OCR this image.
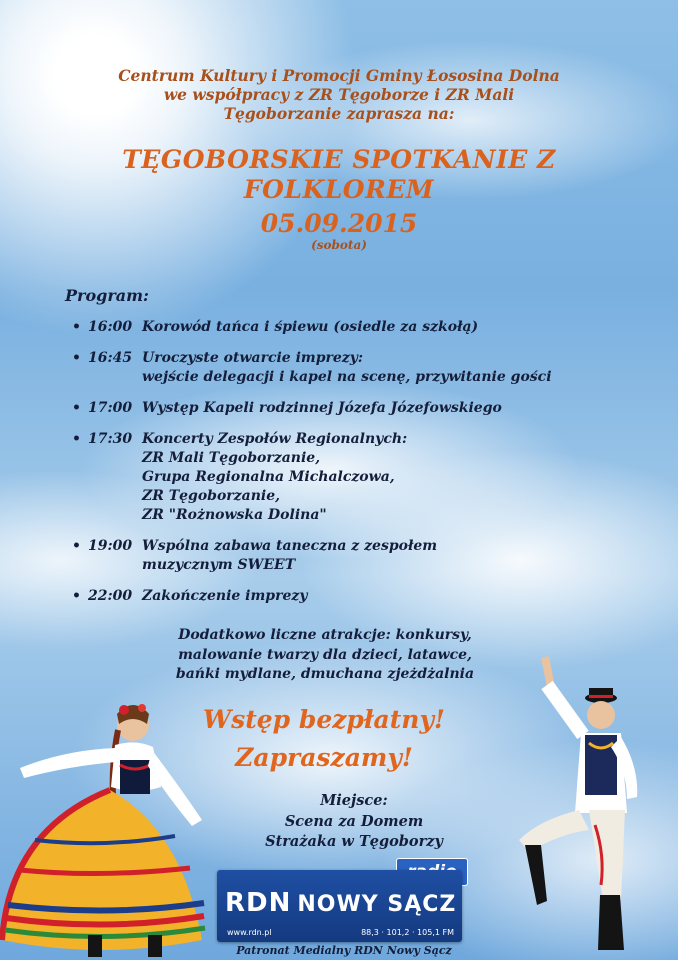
Centrum Kultury i Promocji Gminy Łososina Dolna
we współpracy z ZR Tęgoborze i ZR Mali
Tęgoborzanie zaprasza na:
TĘGOBORSKIE SPOTKANIE Z
FOLKLOREM
05.09.2015
(sobota)
Program:
• 16:00 Korowód tańca i śpiewu (osiedle za szkołą)
• 16:45 Uroczyste otwarcie imprezy:
wejście delegacji i kapel na scenę, przywitanie gości
• 17:00 Występ Kapeli rodzinnej Józefa Józefowskiego
• 17:30 Koncerty Zespołów Regionalnych:
ZR Mali Tęgoborzanie,
Grupa Regionalna Michalczowa,
ZR Tęgoborzanie,
ZR "Rożnowska Dolina"
• 19:00 Wspólna zabawa taneczna z zespołem
muzycznym SWEET
• 22:00 Zakończenie imprezy
Dodatkowo liczne atrakcje: konkursy,
malowanie twarzy dla dzieci, latawce,
bańki mydlane, dmuchana zjeżdżalnia
Wstęp bezpłatny!
Zapraszamy!
Miejsce:
Scena za Domem
Strażaka w Tęgoborzy
RDN NOWY SĄCZ
www.rdn.pl	88,3 · 101,2 · 105,1 FM
Patronat Medialny RDN Nowy Sącz
